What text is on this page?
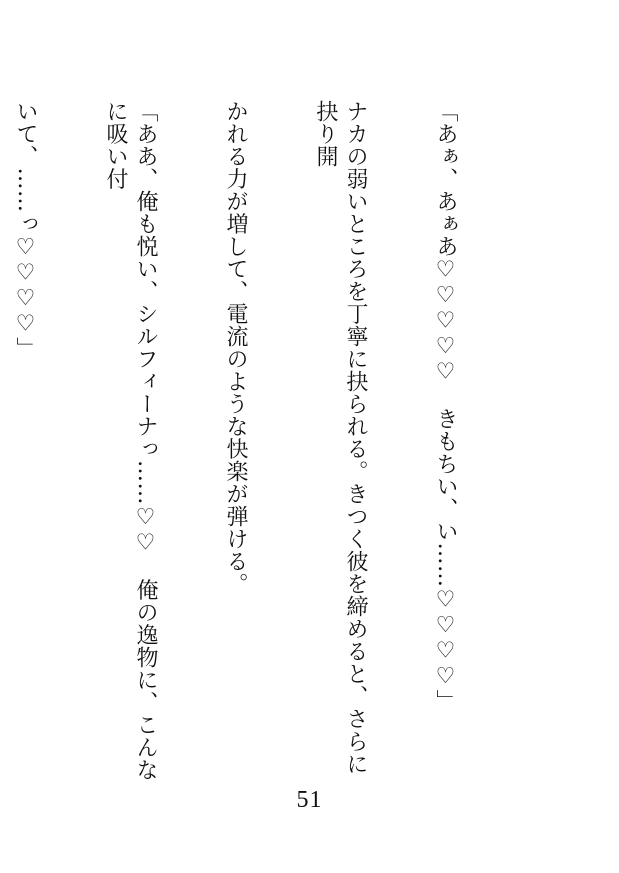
「あぁ、あぁあ♡♡♡♡♡　きもちい、い……♡♡♡♡」

ナカの弱いところを丁寧に抉られる。きつく彼を締めると、さらに抉り開

かれる力が増して、電流のような快楽が弾ける。

「ああ、俺も悦い、シルフィーナっ……♡♡　俺の逸物に、こんなに吸い付

いて、……っ♡♡♡♡」

51
